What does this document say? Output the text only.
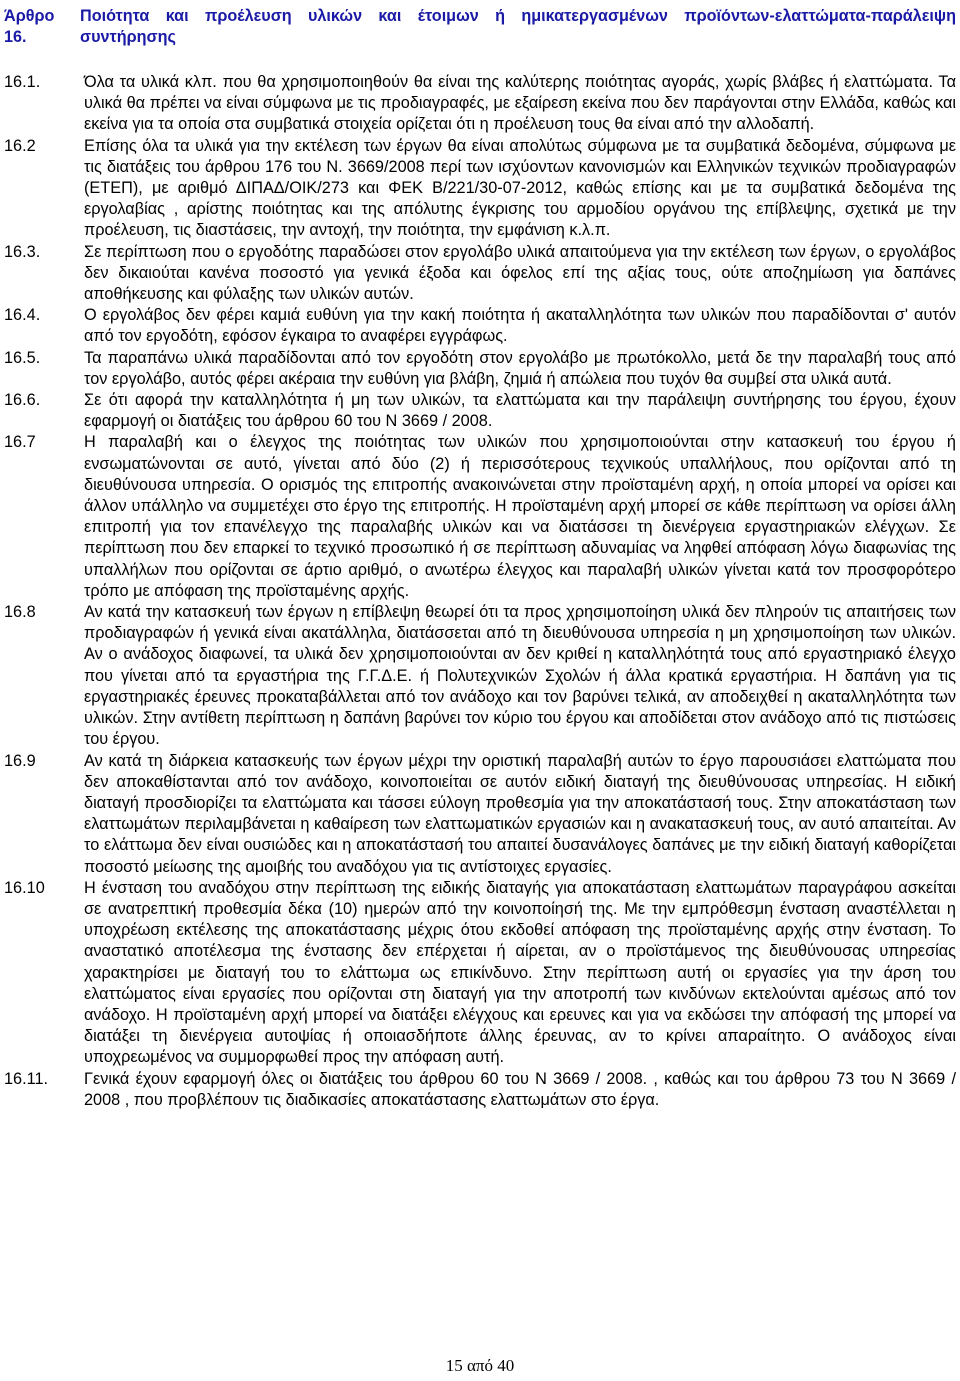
Άρθρο 16.
Ποιότητα και προέλευση υλικών και έτοιμων ή ημικατεργασμένων προϊόντων-ελαττώματα-παράλειψη συντήρησης
16.1.	Όλα τα υλικά κλπ. που θα χρησιμοποιηθούν θα είναι της καλύτερης ποιότητας αγοράς, χωρίς βλάβες ή ελαττώματα. Τα υλικά θα πρέπει να είναι σύμφωνα με τις προδιαγραφές, με εξαίρεση εκείνα που δεν παράγονται στην Ελλάδα, καθώς και εκείνα για τα οποία στα συμβατικά στοιχεία ορίζεται ότι η προέλευση τους θα είναι από την αλλοδαπή.
16.2	Επίσης όλα τα υλικά για την εκτέλεση των έργων θα είναι απολύτως σύμφωνα με τα συμβατικά δεδομένα, σύμφωνα με τις διατάξεις του άρθρου 176 του Ν. 3669/2008 περί των ισχύοντων κανονισμών και Ελληνικών τεχνικών προδιαγραφών (ΕΤΕΠ), με αριθμό ΔΙΠΑΔ/ΟΙΚ/273 και ΦΕΚ Β/221/30-07-2012, καθώς επίσης και με τα συμβατικά δεδομένα της εργολαβίας , αρίστης ποιότητας και της απόλυτης έγκρισης του αρμοδίου οργάνου της επίβλεψης, σχετικά με την προέλευση, τις διαστάσεις, την αντοχή, την ποιότητα, την εμφάνιση κ.λ.π.
16.3.	Σε περίπτωση που ο εργοδότης παραδώσει στον εργολάβο υλικά απαιτούμενα για την εκτέλεση των έργων, ο εργολάβος δεν δικαιούται κανένα ποσοστό για γενικά έξοδα και όφελος επί της αξίας τους, ούτε αποζημίωση για δαπάνες αποθήκευσης και φύλαξης των υλικών αυτών.
16.4.	Ο εργολάβος δεν φέρει καμιά ευθύνη για την κακή ποιότητα ή ακαταλληλότητα των υλικών που παραδίδονται σ' αυτόν από τον εργοδότη, εφόσον έγκαιρα το αναφέρει εγγράφως.
16.5.	Τα παραπάνω υλικά παραδίδονται από τον εργοδότη στον εργολάβο με πρωτόκολλο, μετά δε την παραλαβή τους από τον εργολάβο, αυτός φέρει ακέραια την ευθύνη για βλάβη, ζημιά ή απώλεια που τυχόν θα συμβεί στα υλικά αυτά.
16.6.	Σε ότι αφορά την καταλληλότητα ή μη των υλικών, τα ελαττώματα και την παράλειψη συντήρησης του έργου, έχουν εφαρμογή οι διατάξεις του άρθρου 60 του Ν 3669 / 2008.
16.7	Η παραλαβή και ο έλεγχος της ποιότητας των υλικών που χρησιμοποιούνται στην κατασκευή του έργου ή ενσωματώνονται σε αυτό, γίνεται από δύο (2) ή περισσότερους τεχνικούς υπαλλήλους, που ορίζονται από τη διευθύνουσα υπηρεσία. Ο ορισμός της επιτροπής ανακοινώνεται στην προϊσταμένη αρχή, η οποία μπορεί να ορίσει και άλλον υπάλληλο να συμμετέχει στο έργο της επιτροπής. Η προϊσταμένη αρχή μπορεί σε κάθε περίπτωση να ορίσει άλλη επιτροπή για τον επανέλεγχο της παραλαβής υλικών και να διατάσσει τη διενέργεια εργαστηριακών ελέγχων. Σε περίπτωση που δεν επαρκεί το τεχνικό προσωπικό ή σε περίπτωση αδυναμίας να ληφθεί απόφαση λόγω διαφωνίας της υπαλλήλων που ορίζονται σε άρτιο αριθμό, ο ανωτέρω έλεγχος και παραλαβή υλικών γίνεται κατά τον προσφορότερο τρόπο με απόφαση της προϊσταμένης αρχής.
16.8	Αν κατά την κατασκευή των έργων η επίβλεψη θεωρεί ότι τα προς χρησιμοποίηση υλικά δεν πληρούν τις απαιτήσεις των προδιαγραφών ή γενικά είναι ακατάλληλα, διατάσσεται από τη διευθύνουσα υπηρεσία η μη χρησιμοποίηση των υλικών. Αν ο ανάδοχος διαφωνεί, τα υλικά δεν χρησιμοποιούνται αν δεν κριθεί η καταλληλότητά τους από εργαστηριακό έλεγχο που γίνεται από τα εργαστήρια της Γ.Γ.Δ.Ε. ή Πολυτεχνικών Σχολών ή άλλα κρατικά εργαστήρια. Η δαπάνη για τις εργαστηριακές έρευνες προκαταβάλλεται από τον ανάδοχο και τον βαρύνει τελικά, αν αποδειχθεί η ακαταλληλότητα των υλικών. Στην αντίθετη περίπτωση η δαπάνη βαρύνει τον κύριο του έργου και αποδίδεται στον ανάδοχο από τις πιστώσεις του έργου.
16.9	Αν κατά τη διάρκεια κατασκευής των έργων μέχρι την οριστική παραλαβή αυτών το έργο παρουσιάσει ελαττώματα που δεν αποκαθίστανται από τον ανάδοχο, κοινοποιείται σε αυτόν ειδική διαταγή της διευθύνουσας υπηρεσίας. Η ειδική διαταγή προσδιορίζει τα ελαττώματα και τάσσει εύλογη προθεσμία για την αποκατάστασή τους. Στην αποκατάσταση των ελαττωμάτων περιλαμβάνεται η καθαίρεση των ελαττωματικών εργασιών και η ανακατασκευή τους, αν αυτό απαιτείται. Αν το ελάττωμα δεν είναι ουσιώδες και η αποκατάστασή του απαιτεί δυσανάλογες δαπάνες με την ειδική διαταγή καθορίζεται ποσοστό μείωσης της αμοιβής του αναδόχου για τις αντίστοιχες εργασίες.
16.10	Η ένσταση του αναδόχου στην περίπτωση της ειδικής διαταγής για αποκατάσταση ελαττωμάτων παραγράφου ασκείται σε ανατρεπτική προθεσμία δέκα (10) ημερών από την κοινοποίησή της. Με την εμπρόθεσμη ένσταση αναστέλλεται η υποχρέωση εκτέλεσης της αποκατάστασης μέχρις ότου εκδοθεί απόφαση της προϊσταμένης αρχής στην ένσταση. Το αναστατικό αποτέλεσμα της ένστασης δεν επέρχεται ή αίρεται, αν ο προϊστάμενος της διευθύνουσας υπηρεσίας χαρακτηρίσει με διαταγή του το ελάττωμα ως επικίνδυνο. Στην περίπτωση αυτή οι εργασίες για την άρση του ελαττώματος είναι εργασίες που ορίζονται στη διαταγή για την αποτροπή των κινδύνων εκτελούνται αμέσως από τον ανάδοχο. Η προϊσταμένη αρχή μπορεί να διατάξει ελέγχους και ερευνες και για να εκδώσει την απόφασή της μπορεί να διατάξει τη διενέργεια αυτοψίας ή οποιασδήποτε άλλης έρευνας, αν το κρίνει απαραίτητο. Ο ανάδοχος είναι υποχρεωμένος να συμμορφωθεί προς την απόφαση αυτή.
16.11.	Γενικά έχουν εφαρμογή όλες οι διατάξεις του άρθρου 60 του Ν 3669 / 2008. , καθώς και του άρθρου 73 του Ν 3669 / 2008 , που προβλέπουν τις διαδικασίες αποκατάστασης ελαττωμάτων στο έργα.
15 από 40
